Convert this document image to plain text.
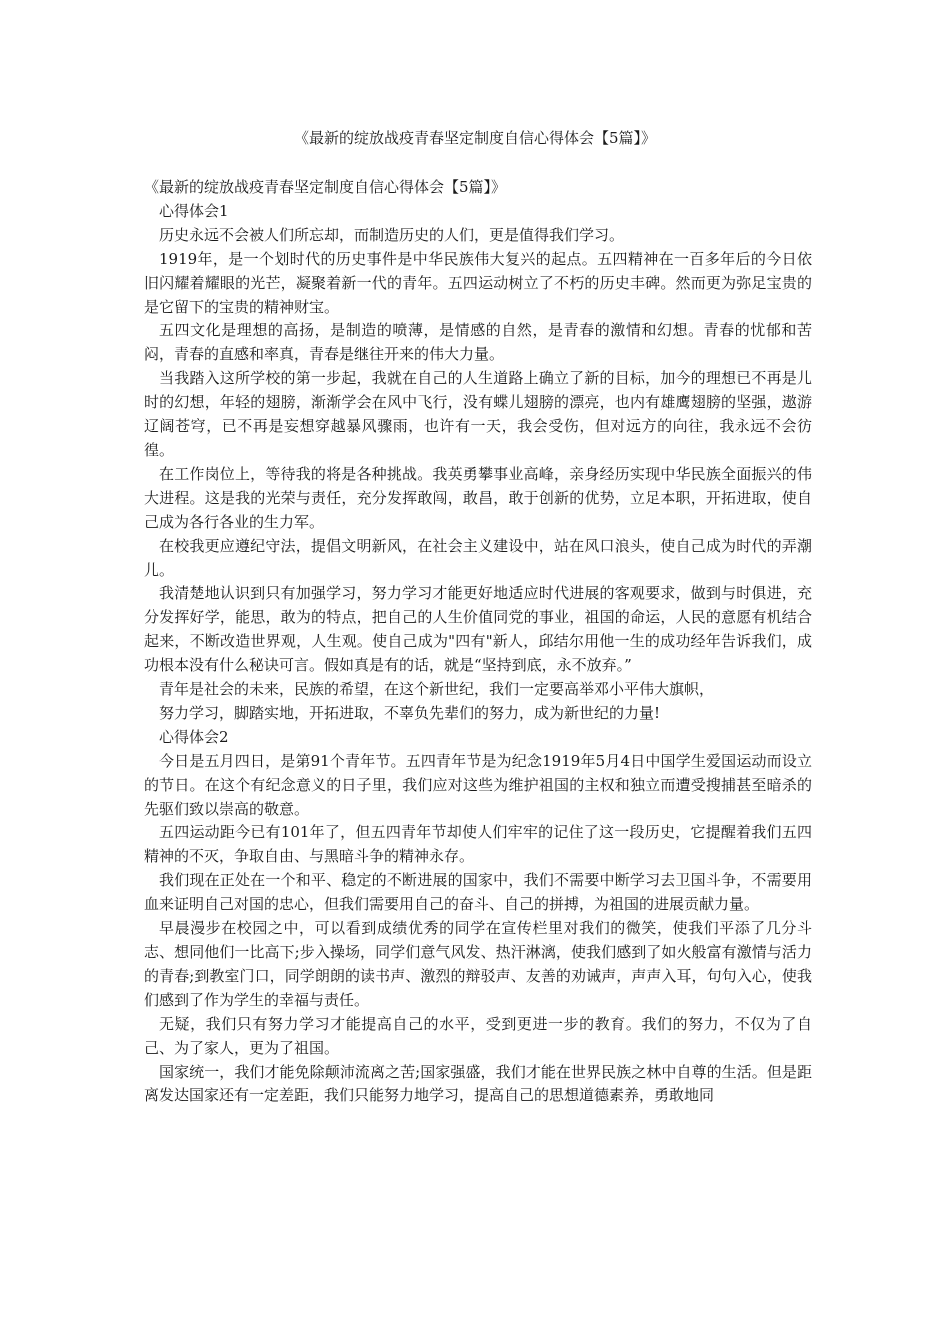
《最新的绽放战疫青春坚定制度自信心得体会【5篇】》

《最新的绽放战疫青春坚定制度自信心得体会【5篇】》

心得体会1

历史永远不会被人们所忘却，而制造历史的人们，更是值得我们学习。

1919年，是一个划时代的历史事件是中华民族伟大复兴的起点。五四精神在一百多年后的今日依旧闪耀着耀眼的光芒，凝聚着新一代的青年。五四运动树立了不朽的历史丰碑。然而更为弥足宝贵的是它留下的宝贵的精神财宝。

五四文化是理想的高扬，是制造的喷薄，是情感的自然，是青春的激情和幻想。青春的忧郁和苦闷，青春的直感和率真，青春是继往开来的伟大力量。

当我踏入这所学校的第一步起，我就在自己的人生道路上确立了新的目标，加今的理想已不再是儿时的幻想，年轻的翅膀，渐渐学会在风中飞行，没有蝶儿翅膀的漂亮，也内有雄鹰翅膀的坚强，遨游辽阔苍穹，已不再是妄想穿越暴风骤雨，也许有一天，我会受伤，但对远方的向往，我永远不会彷徨。

在工作岗位上，等待我的将是各种挑战。我英勇攀事业高峰，亲身经历实现中华民族全面振兴的伟大进程。这是我的光荣与责任，充分发挥敢闯，敢昌，敢于创新的优势，立足本职，开拓进取，使自己成为各行各业的生力军。

在校我更应遵纪守法，提倡文明新风，在社会主义建设中，站在风口浪头，使自己成为时代的弄潮儿。

我清楚地认识到只有加强学习，努力学习才能更好地适应时代进展的客观要求，做到与时俱进，充分发挥好学，能思，敢为的特点，把自己的人生价值同党的事业，祖国的命运，人民的意愿有机结合起来，不断改造世界观，人生观。使自己成为"四有"新人，邱结尔用他一生的成功经年告诉我们，成功根本没有什么秘诀可言。假如真是有的话，就是“坚持到底，永不放弃。”

青年是社会的未来，民族的希望，在这个新世纪，我们一定要高举邓小平伟大旗帜，

努力学习，脚踏实地，开拓进取，不辜负先辈们的努力，成为新世纪的力量!

心得体会2

今日是五月四日，是第91个青年节。五四青年节是为纪念1919年5月4日中国学生爱国运动而设立的节日。在这个有纪念意义的日子里，我们应对这些为维护祖国的主权和独立而遭受搜捕甚至暗杀的先驱们致以崇高的敬意。

五四运动距今已有101年了，但五四青年节却使人们牢牢的记住了这一段历史，它提醒着我们五四精神的不灭，争取自由、与黑暗斗争的精神永存。

我们现在正处在一个和平、稳定的不断进展的国家中，我们不需要中断学习去卫国斗争，不需要用血来证明自己对国的忠心，但我们需要用自己的奋斗、自己的拼搏，为祖国的进展贡献力量。

早晨漫步在校园之中，可以看到成绩优秀的同学在宣传栏里对我们的微笑，使我们平添了几分斗志、想同他们一比高下;步入操场，同学们意气风发、热汗淋漓，使我们感到了如火般富有激情与活力的青春;到教室门口，同学朗朗的读书声、激烈的辩驳声、友善的劝诫声，声声入耳，句句入心，使我们感到了作为学生的幸福与责任。

无疑，我们只有努力学习才能提高自己的水平，受到更进一步的教育。我们的努力，不仅为了自己、为了家人，更为了祖国。

国家统一，我们才能免除颠沛流离之苦;国家强盛，我们才能在世界民族之林中自尊的生活。但是距离发达国家还有一定差距，我们只能努力地学习，提高自己的思想道德素养，勇敢地同
